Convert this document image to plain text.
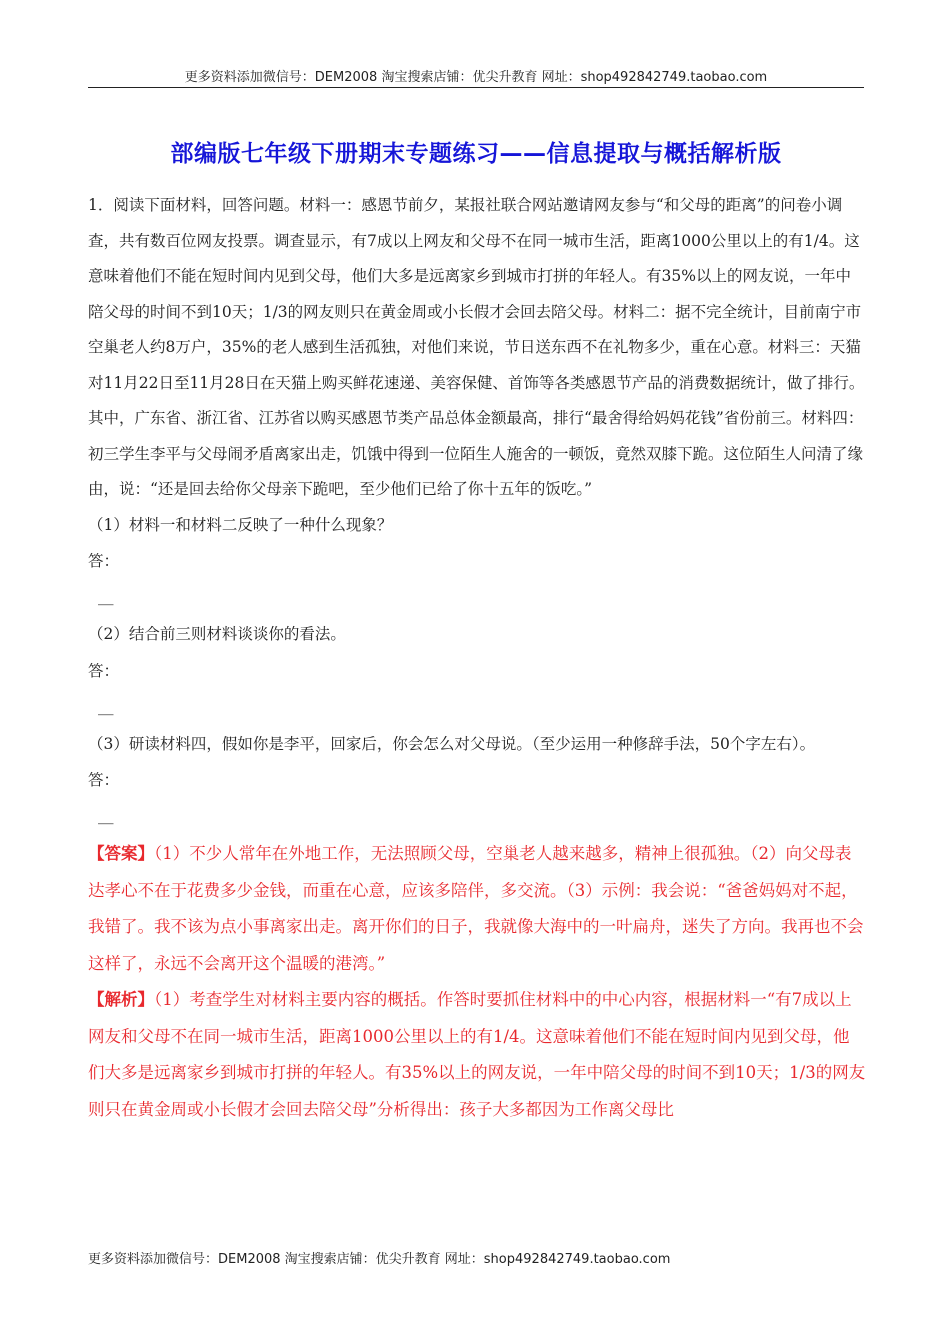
更多资料添加微信号：DEM2008 淘宝搜索店铺：优尖升教育 网址：shop492842749.taobao.com
部编版七年级下册期末专题练习——信息提取与概括解析版

1．阅读下面材料，回答问题。材料一：感恩节前夕，某报社联合网站邀请网友参与“和父母的距离”的问卷小调查，共有数百位网友投票。调查显示，有7成以上网友和父母不在同一城市生活，距离1000公里以上的有1/4。这意味着他们不能在短时间内见到父母，他们大多是远离家乡到城市打拼的年轻人。有35%以上的网友说，一年中陪父母的时间不到10天；1/3的网友则只在黄金周或小长假才会回去陪父母。材料二：据不完全统计，目前南宁市空巢老人约8万户，35%的老人感到生活孤独，对他们来说，节日送东西不在礼物多少，重在心意。材料三：天猫对11月22日至11月28日在天猫上购买鲜花速递、美容保健、首饰等各类感恩节产品的消费数据统计，做了排行。其中，广东省、浙江省、江苏省以购买感恩节类产品总体金额最高，排行“最舍得给妈妈花钱”省份前三。材料四：初三学生李平与父母闹矛盾离家出走，饥饿中得到一位陌生人施舍的一顿饭，竟然双膝下跪。这位陌生人问清了缘由，说：“还是回去给你父母亲下跪吧，至少他们已给了你十五年的饭吃。”

（1）材料一和材料二反映了一种什么现象？

答：

＿

（2）结合前三则材料谈谈你的看法。

答：

＿

（3）研读材料四，假如你是李平，回家后，你会怎么对父母说。（至少运用一种修辞手法，50个字左右）。

答：

＿

【答案】（1）不少人常年在外地工作，无法照顾父母，空巢老人越来越多，精神上很孤独。（2）向父母表达孝心不在于花费多少金钱，而重在心意，应该多陪伴，多交流。（3）示例：我会说：“爸爸妈妈对不起，我错了。我不该为点小事离家出走。离开你们的日子，我就像大海中的一叶扁舟，迷失了方向。我再也不会这样了，永远不会离开这个温暖的港湾。”

【解析】（1）考查学生对材料主要内容的概括。作答时要抓住材料中的中心内容，根据材料一“有7成以上网友和父母不在同一城市生活，距离1000公里以上的有1/4。这意味着他们不能在短时间内见到父母，他们大多是远离家乡到城市打拼的年轻人。有35%以上的网友说，一年中陪父母的时间不到10天；1/3的网友则只在黄金周或小长假才会回去陪父母”分析得出：孩子大多都因为工作离父母比

更多资料添加微信号：DEM2008 淘宝搜索店铺：优尖升教育 网址：shop492842749.taobao.com
